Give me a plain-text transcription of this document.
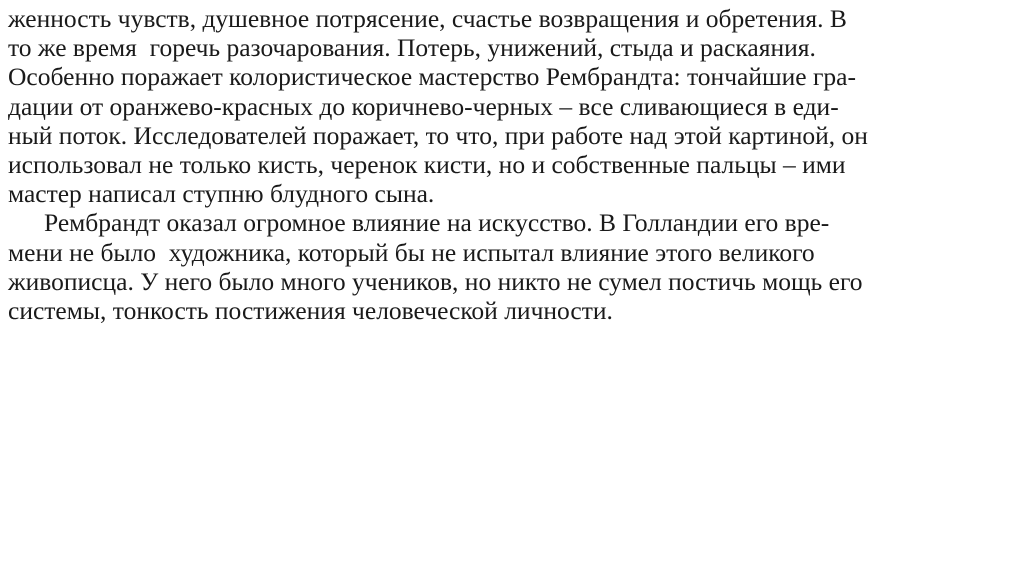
женность чувств, душевное потрясение, счастье возвращения и обретения. В
то же время  горечь разочарования. Потерь, унижений, стыда и раскаяния.
Особенно поражает колористическое мастерство Рембрандта: тончайшие гра-
дации от оранжево-красных до коричнево-черных – все сливающиеся в еди-
ный поток. Исследователей поражает, то что, при работе над этой картиной, он
использовал не только кисть, черенок кисти, но и собственные пальцы – ими
мастер написал ступню блудного сына.
Рембрандт оказал огромное влияние на искусство. В Голландии его вре-
мени не было  художника, который бы не испытал влияние этого великого
живописца. У него было много учеников, но никто не сумел постичь мощь его
системы, тонкость постижения человеческой личности.
